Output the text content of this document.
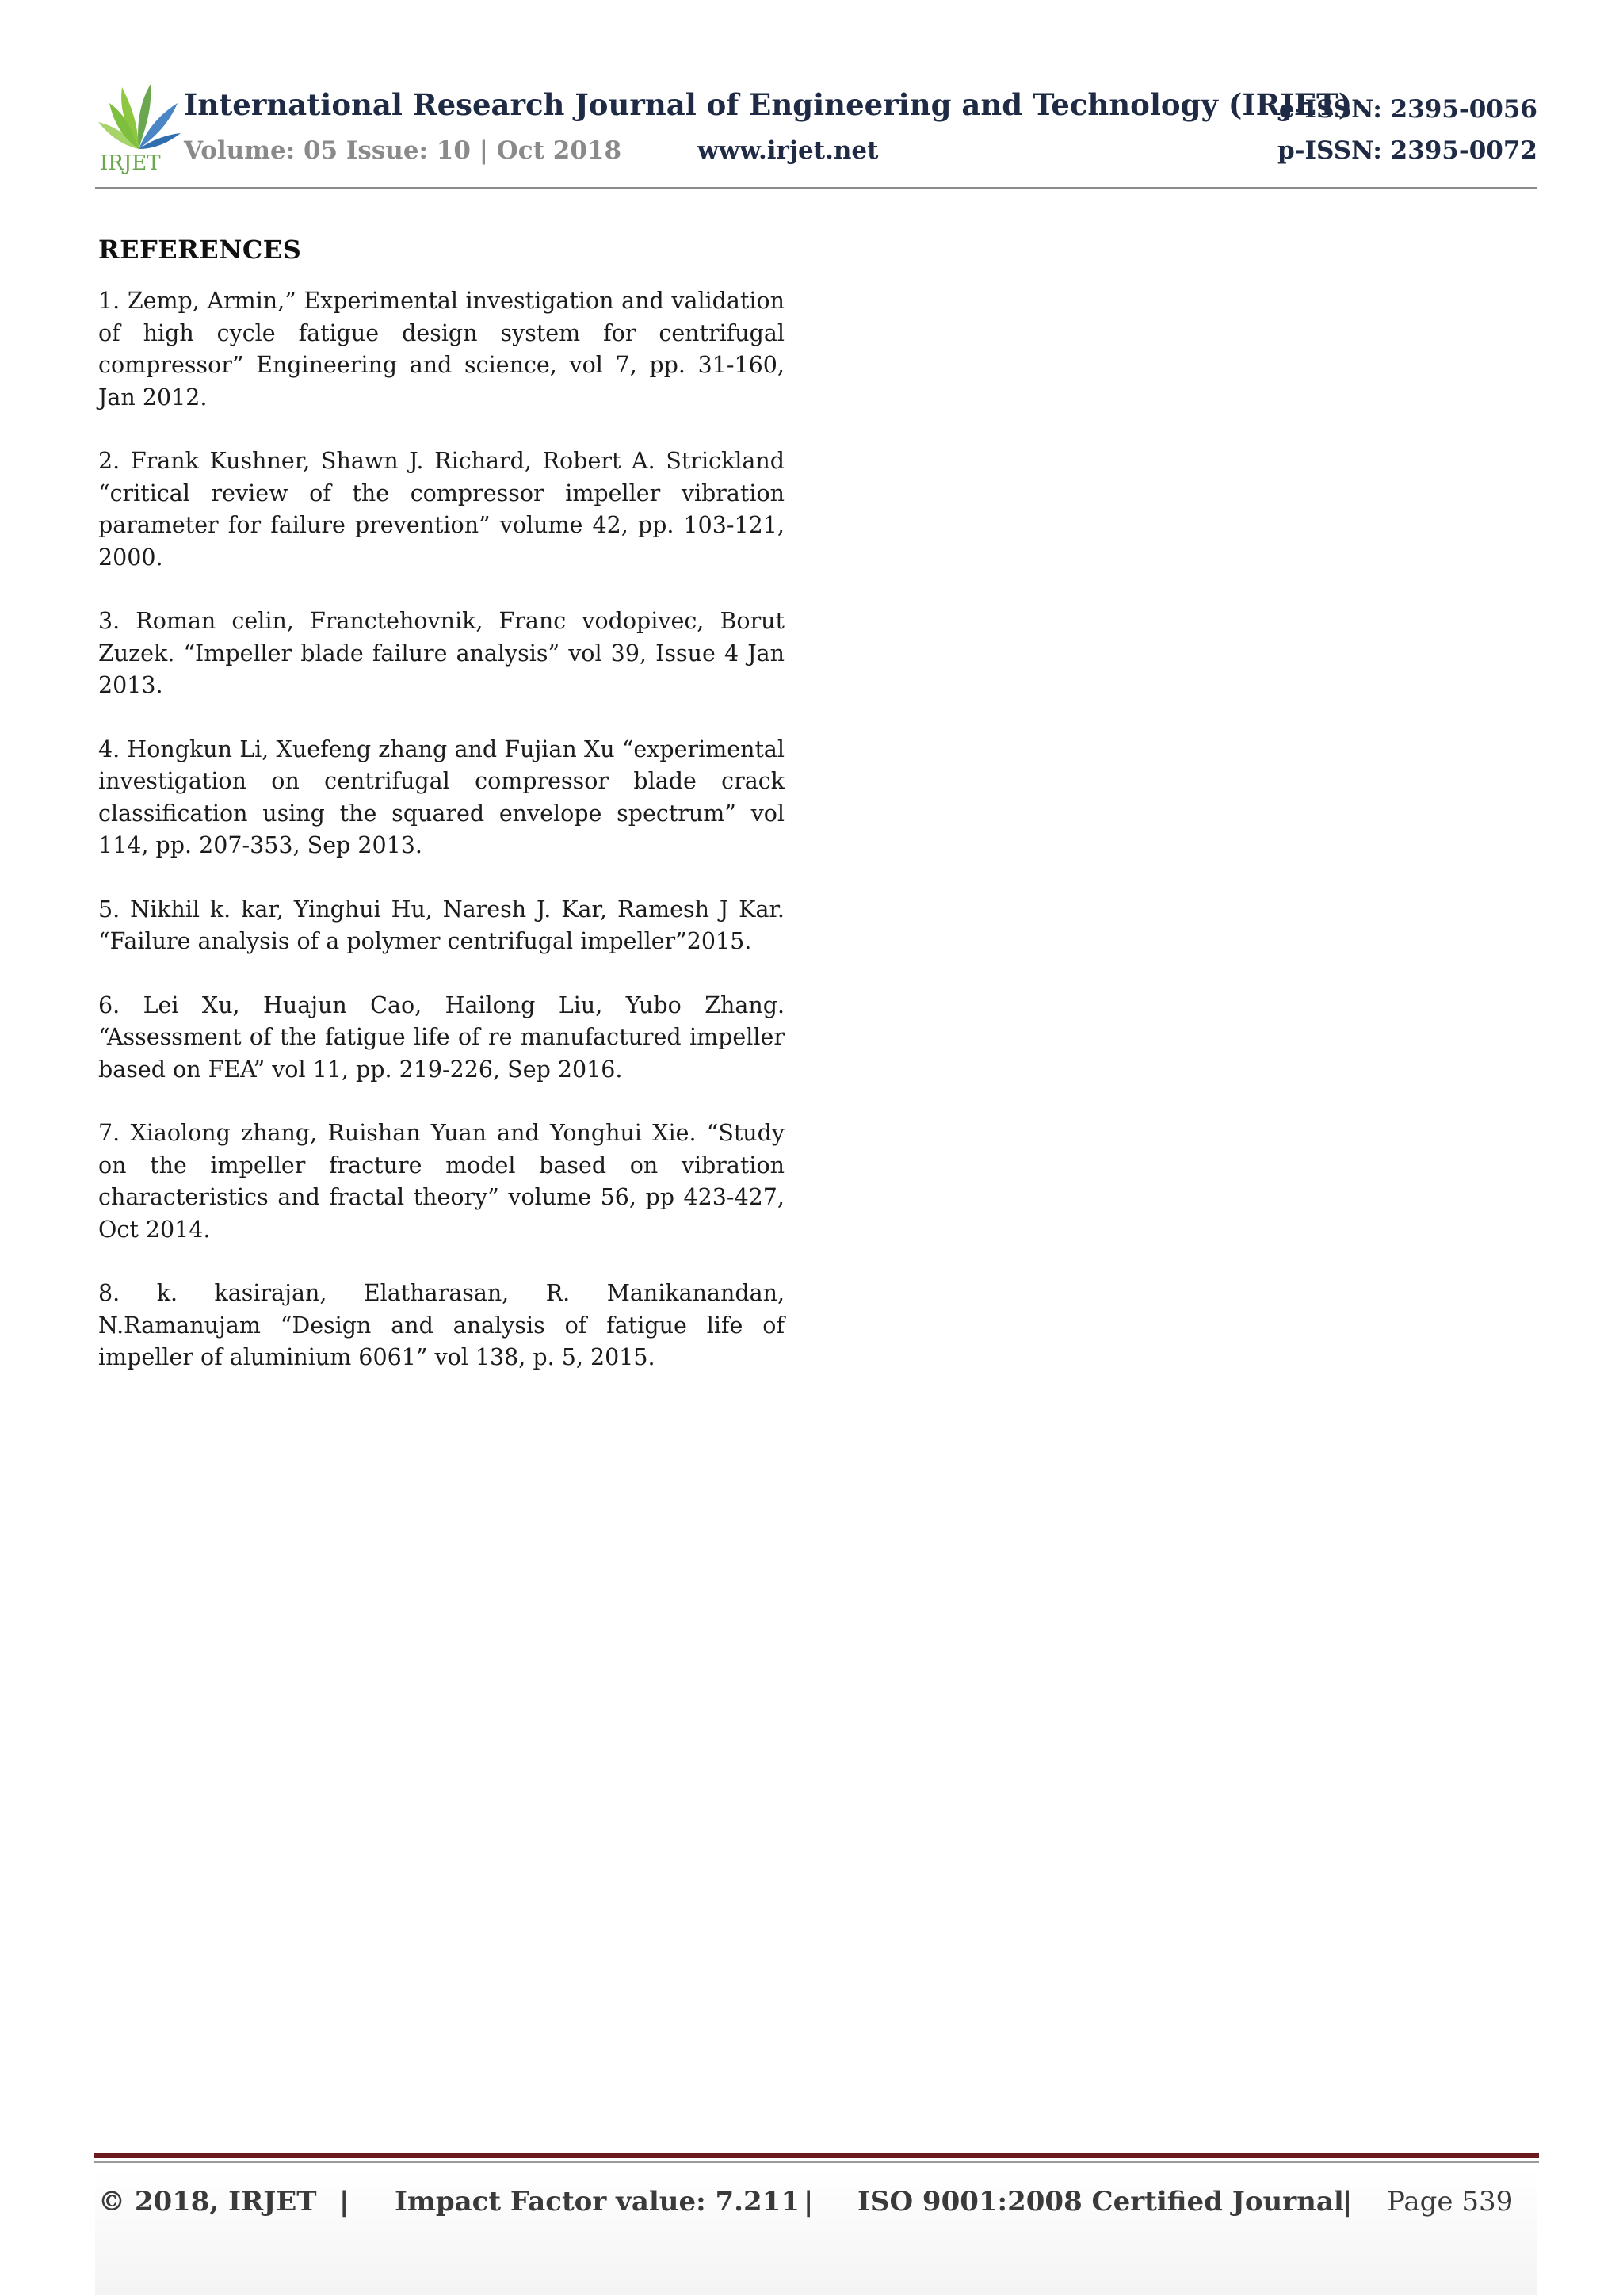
IRJET
International Research Journal of Engineering and Technology (IRJET)
Volume: 05 Issue: 10 | Oct 2018	www.irjet.net
e-ISSN: 2395-0056
p-ISSN: 2395-0072
REFERENCES
1. Zemp, Armin,” Experimental investigation and validation of high cycle fatigue design system for centrifugal compressor” Engineering and science, vol 7, pp. 31-160, Jan 2012.
2. Frank Kushner, Shawn J. Richard, Robert A. Strickland “critical review of the compressor impeller vibration parameter for failure prevention” volume 42, pp. 103-121, 2000.
3. Roman celin, Franctehovnik, Franc vodopivec, Borut Zuzek. “Impeller blade failure analysis” vol 39, Issue 4 Jan 2013.
4. Hongkun Li, Xuefeng zhang and Fujian Xu “experimental investigation on centrifugal compressor blade crack classification using the squared envelope spectrum” vol 114, pp. 207-353, Sep 2013.
5. Nikhil k. kar, Yinghui Hu, Naresh J. Kar, Ramesh J Kar. “Failure analysis of a polymer centrifugal impeller”2015.
6. Lei Xu, Huajun Cao, Hailong Liu, Yubo Zhang. “Assessment of the fatigue life of re manufactured impeller based on FEA” vol 11, pp. 219-226, Sep 2016.
7. Xiaolong zhang, Ruishan Yuan and Yonghui Xie. “Study on the impeller fracture model based on vibration characteristics and fractal theory” volume 56, pp 423-427, Oct 2014.
8. k. kasirajan, Elatharasan, R. Manikanandan, N.Ramanujam “Design and analysis of fatigue life of impeller of aluminium 6061” vol 138, p. 5, 2015.
© 2018, IRJET | Impact Factor value: 7.211 | ISO 9001:2008 Certified Journal
| Page 539
